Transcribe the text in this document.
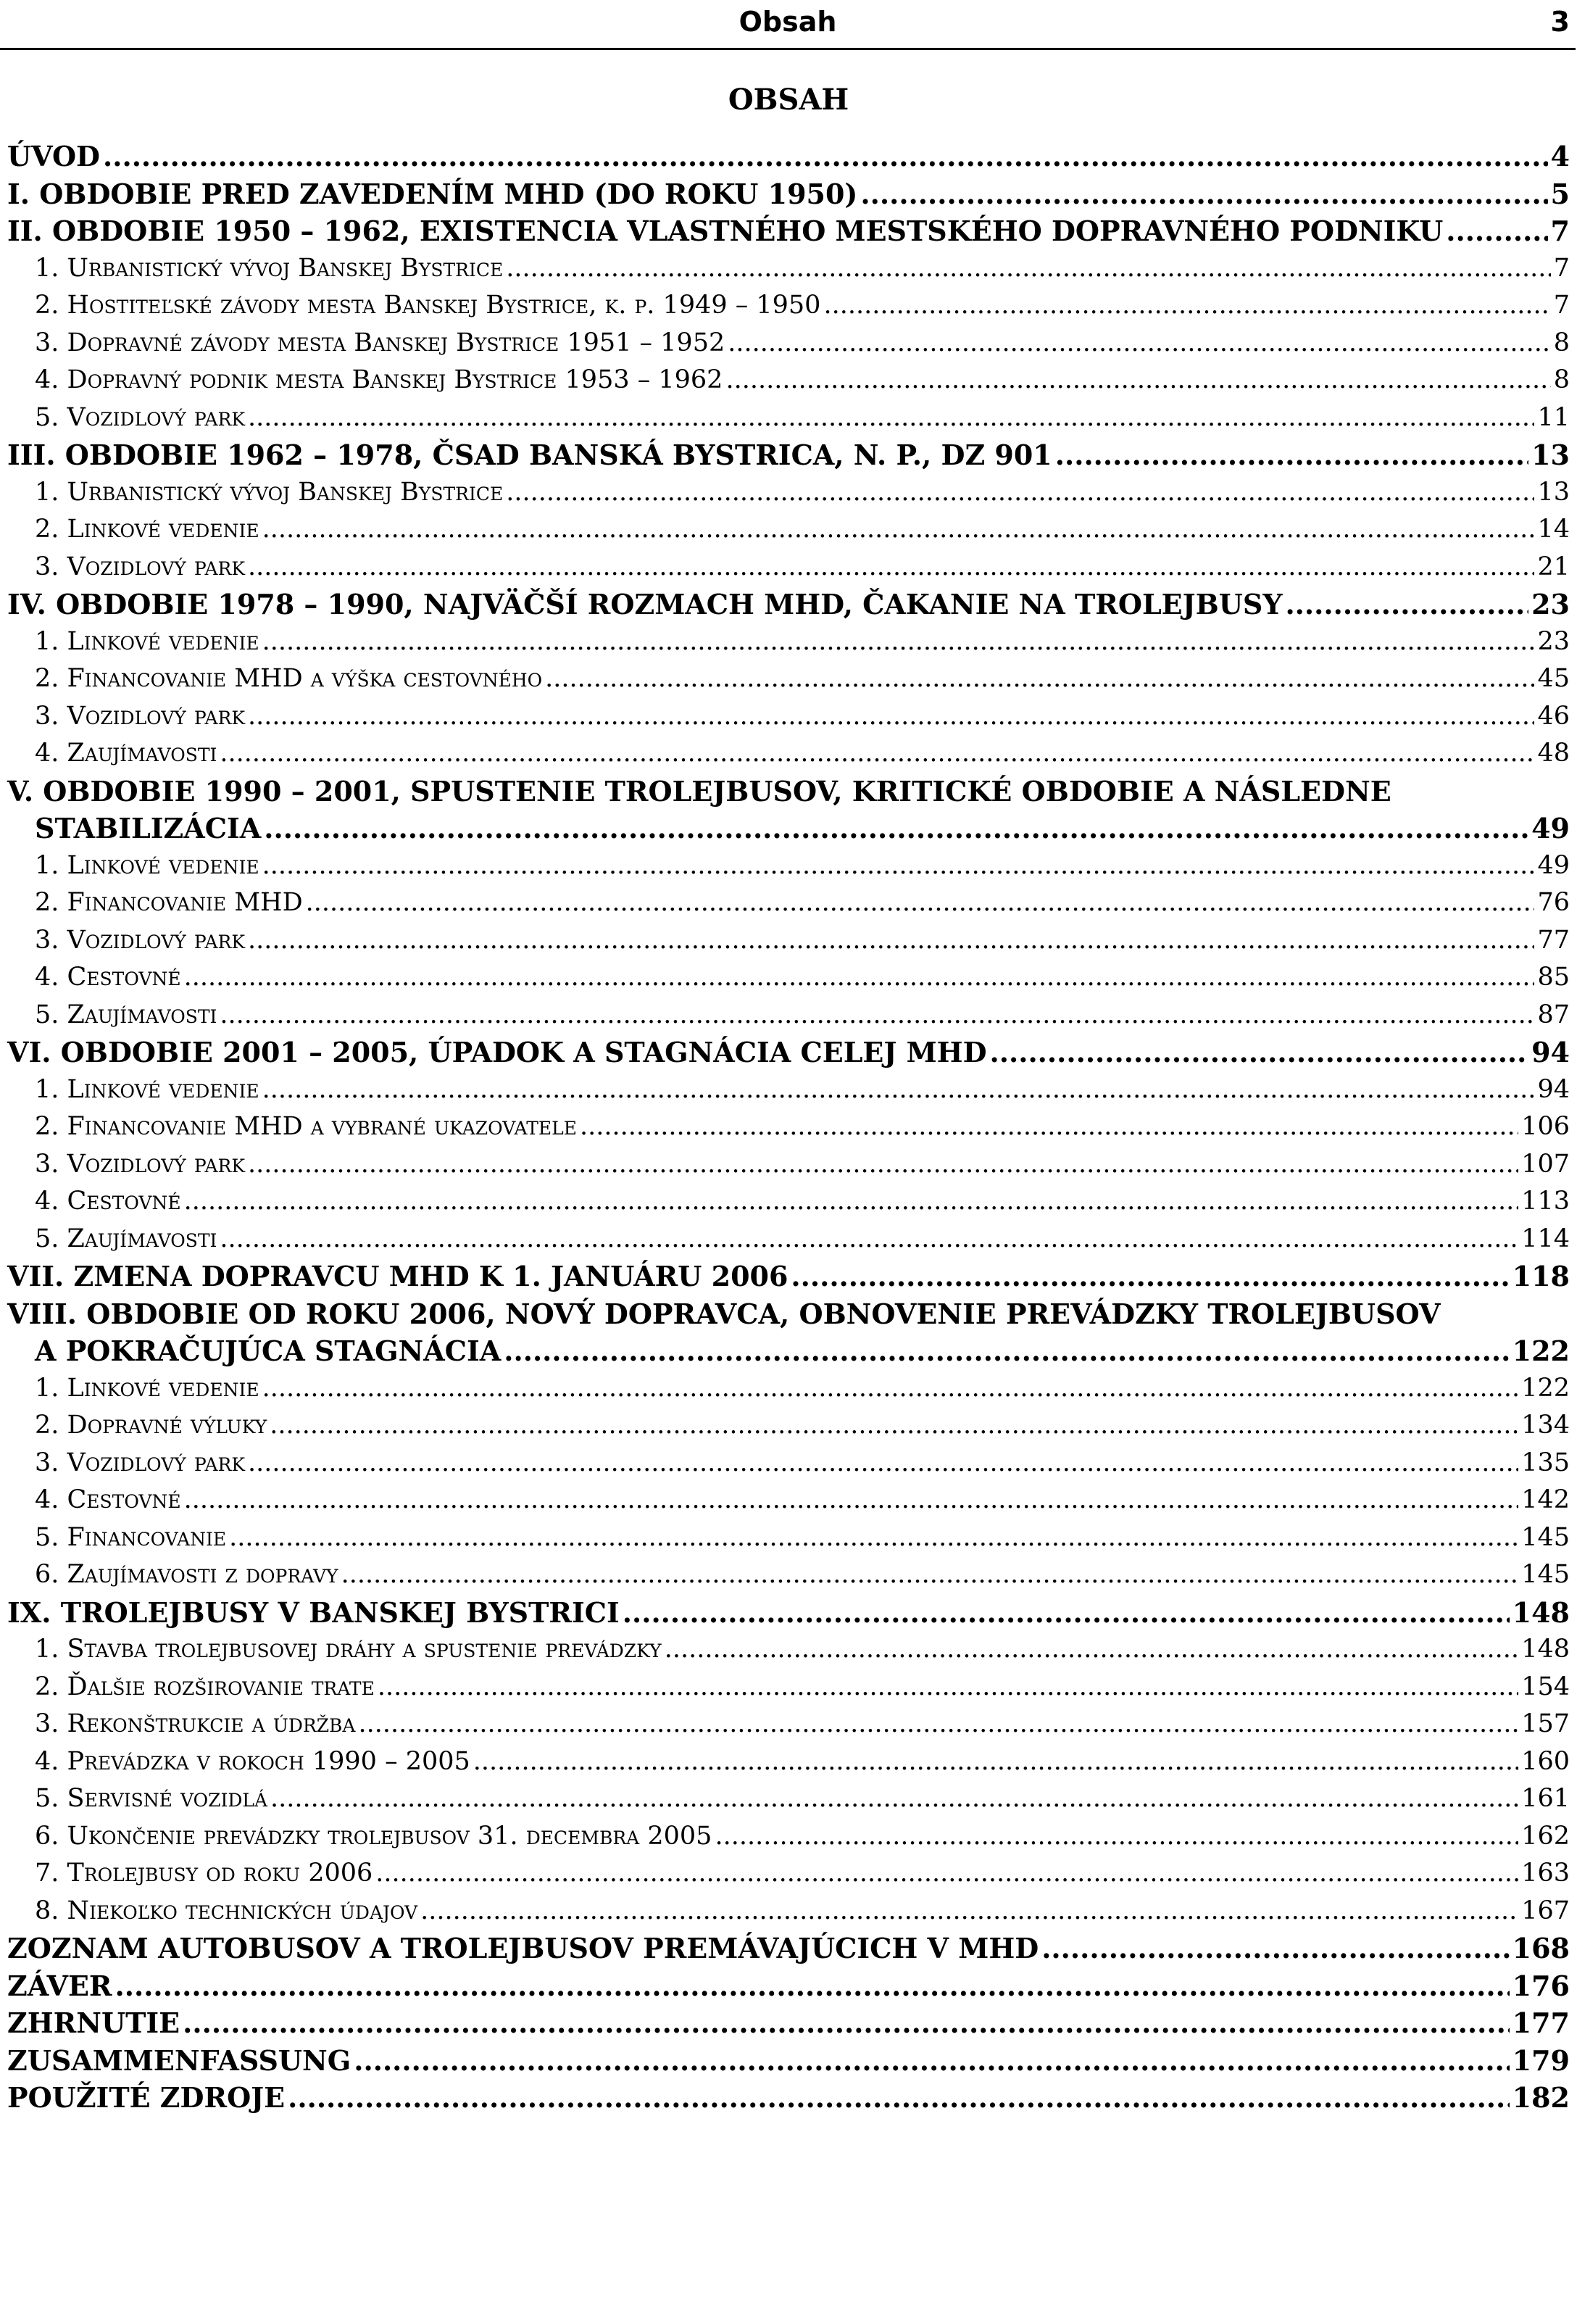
Obsah	3
OBSAH
ÚVOD .....	4
I. OBDOBIE PRED ZAVEDENÍM MHD (DO ROKU 1950) .....	5
II. OBDOBIE 1950 – 1962, EXISTENCIA VLASTNÉHO MESTSKÉHO DOPRAVNÉHO PODNIKU .....	7
1. Urbanistický vývoj Banskej Bystrice .....	7
2. Hostiteľské závody mesta Banskej Bystrice, k. p. 1949 – 1950 .....	7
3. Dopravné závody mesta Banskej Bystrice 1951 – 1952 .....	8
4. Dopravný podnik mesta Banskej Bystrice 1953 – 1962 .....	8
5. Vozidlový park .....	11
III. OBDOBIE 1962 – 1978, ČSAD BANSKÁ BYSTRICA, N. P., DZ 901 .....	13
1. Urbanistický vývoj Banskej Bystrice .....	13
2. Linkové vedenie .....	14
3. Vozidlový park .....	21
IV. OBDOBIE 1978 – 1990, NAJVÄČŠÍ ROZMACH MHD, ČAKANIE NA TROLEJBUSY .....	23
1. Linkové vedenie .....	23
2. Financovanie MHD a výška cestovného .....	45
3. Vozidlový park .....	46
4. Zaujímavosti .....	48
V. OBDOBIE 1990 – 2001, SPUSTENIE TROLEJBUSOV, KRITICKÉ OBDOBIE A NÁSLEDNE
STABILIZÁCIA .....	49
1. Linkové vedenie .....	49
2. Financovanie MHD .....	76
3. Vozidlový park .....	77
4. Cestovné .....	85
5. Zaujímavosti .....	87
VI. OBDOBIE 2001 – 2005, ÚPADOK A STAGNÁCIA CELEJ MHD .....	94
1. Linkové vedenie .....	94
2. Financovanie MHD a vybrané ukazovatele .....	106
3. Vozidlový park .....	107
4. Cestovné .....	113
5. Zaujímavosti .....	114
VII. ZMENA DOPRAVCU MHD K 1. JANUÁRU 2006 .....	118
VIII. OBDOBIE OD ROKU 2006, NOVÝ DOPRAVCA, OBNOVENIE PREVÁDZKY TROLEJBUSOV
A POKRAČUJÚCA STAGNÁCIA .....	122
1. Linkové vedenie .....	122
2. Dopravné výluky .....	134
3. Vozidlový park .....	135
4. Cestovné .....	142
5. Financovanie .....	145
6. Zaujímavosti z dopravy .....	145
IX. TROLEJBUSY V BANSKEJ BYSTRICI .....	148
1. Stavba trolejbusovej dráhy a spustenie prevádzky .....	148
2. Ďalšie rozširovanie trate .....	154
3. Rekonštrukcie a údržba .....	157
4. Prevádzka v rokoch 1990 – 2005 .....	160
5. Servisné vozidlá .....	161
6. Ukončenie prevádzky trolejbusov 31. decembra 2005 .....	162
7. Trolejbusy od roku 2006 .....	163
8. Niekoľko technických údajov .....	167
ZOZNAM AUTOBUSOV A TROLEJBUSOV PREMÁVAJÚCICH V MHD .....	168
ZÁVER .....	176
ZHRNUTIE .....	177
ZUSAMMENFASSUNG .....	179
POUŽITÉ ZDROJE .....	182
